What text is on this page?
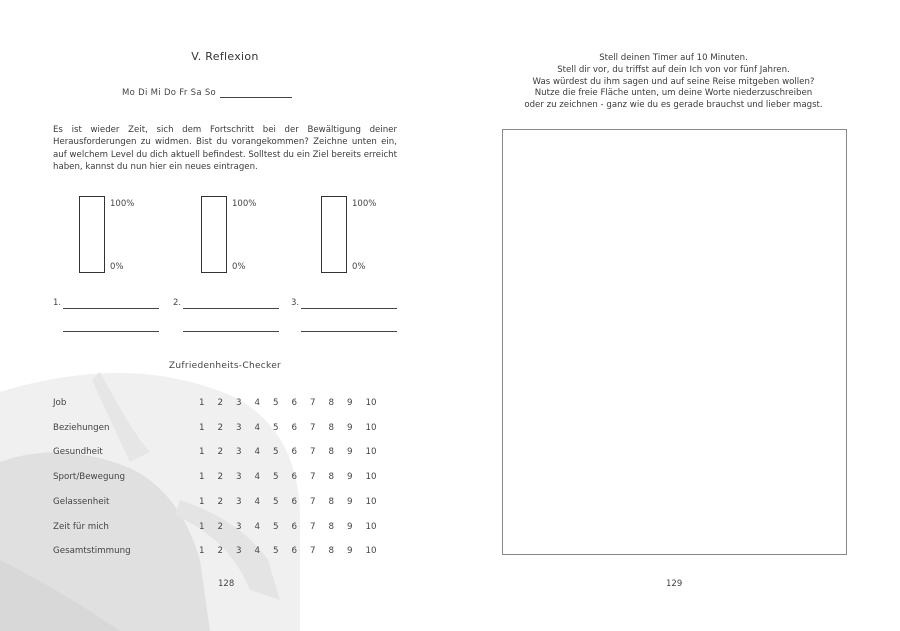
V. Reflexion
Mo Di Mi Do Fr Sa So
Es ist wieder Zeit, sich dem Fortschritt bei der Bewältigung deiner Herausforderungen zu widmen. Bist du vorangekommen? Zeichne unten ein, auf welchem Level du dich aktuell befindest. Solltest du ein Ziel bereits erreicht haben, kannst du nun hier ein neues eintragen.
100%
0%
100%
0%
100%
0%
1.	2.	3.
Zufriedenheits-Checker
Job	1 2 3 4 5 6 7 8 9 10
Beziehungen	1 2 3 4 5 6 7 8 9 10
Gesundheit	1 2 3 4 5 6 7 8 9 10
Sport/Bewegung	1 2 3 4 5 6 7 8 9 10
Gelassenheit	1 2 3 4 5 6 7 8 9 10
Zeit für mich	1 2 3 4 5 6 7 8 9 10
Gesamtstimmung	1 2 3 4 5 6 7 8 9 10
128

Stell deinen Timer auf 10 Minuten.

Stell dir vor, du triffst auf dein Ich von vor fünf Jahren.

Was würdest du ihm sagen und auf seine Reise mitgeben wollen?

Nutze die freie Fläche unten, um deine Worte niederzuschreiben

oder zu zeichnen - ganz wie du es gerade brauchst und lieber magst.

129
